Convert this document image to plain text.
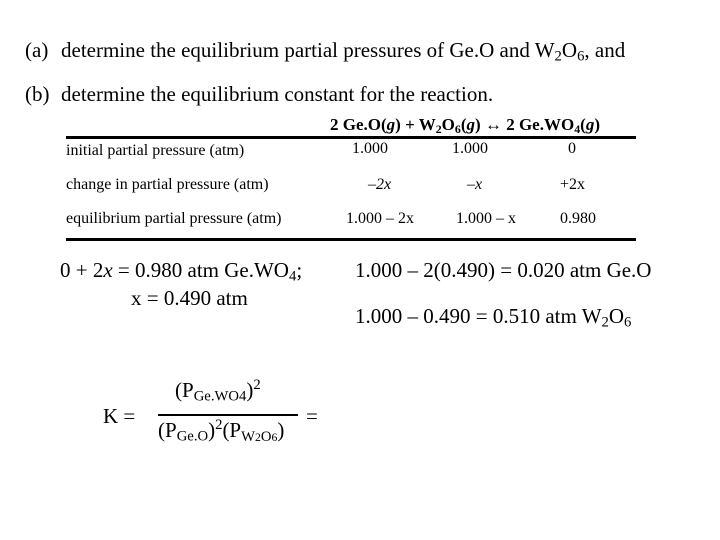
(a) determine the equilibrium partial pressures of Ge.O and $W_2O_6$, and
(b) determine the equilibrium constant for the reaction.
2 $Ge.O(g) + W_2O_6(g)$ ↔ 2 $Ge.WO_4(g)$
initial partial pressure (atm)	1.000	1.000	0
change in partial pressure (atm)	–2x	–x	+2x
equilibrium partial pressure (atm)	1.000 – 2x	1.000 – x	0.980
0 + 2x = 0.980 atm $Ge.WO_4$;
x = 0.490 atm
1.000 – 2(0.490) = 0.020 atm Ge.O
1.000 – 0.490 = 0.510 atm $W_2O_6$
K =
$(P_{Ge.WO4})^2$
$(P_{Ge.O})^2(P_{W2O6})$
=
